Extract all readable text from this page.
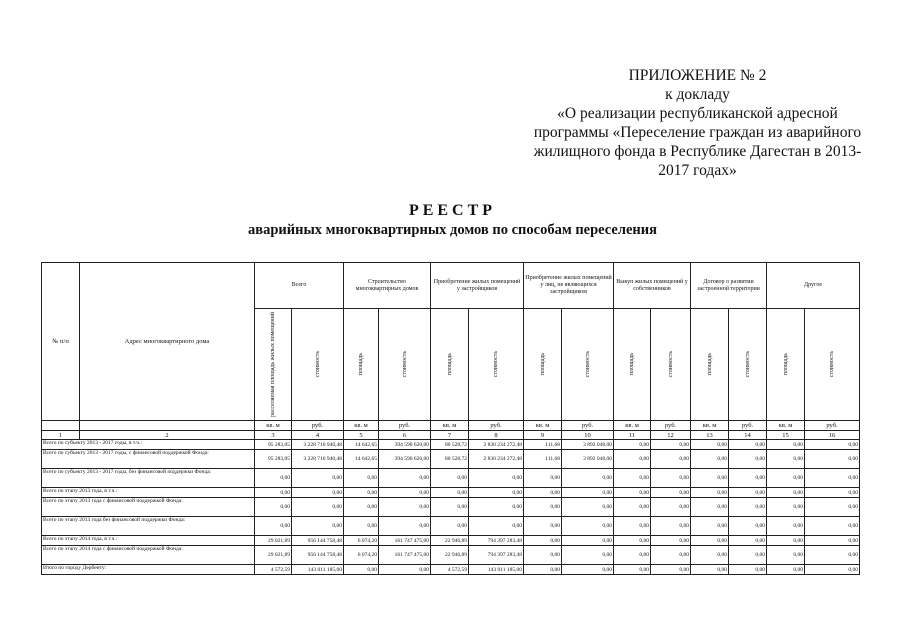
ПРИЛОЖЕНИЕ № 2
к докладу
«О реализации республиканской адресной
программы «Переселение граждан из аварийного
жилищного фонда в Республике Дагестан в 2013-
2017 годах»
РЕЕСТР
аварийных многоквартирных домов по способам переселения
№ п/п	Адрес многоквартирного дома	Всего		Строительство многоквартирных домов		Приобретение жилых помещений у застройщиков		Приобретение жилых помещений у лиц, не являющихся застройщиком		Выкуп жилых помещений у собственников		Договор о развитии застроенной территории		Другое	

		расселяемая площадь жилых помещений	стоимость	площадь	стоимость	площадь	стоимость	площадь	стоимость	площадь	стоимость	площадь	стоимость	площадь	стоимость

		кв. м	руб.	кв. м	руб.	кв. м	руб.	кв. м	руб.	кв. м	руб.	кв. м	руб.	кв. м	руб.
1	2	3	4	5	6	7	8	9	10	11	12	13	14	15	16
Всего по субъекту 2013 - 2017 годы, в т.ч.:		95 283,05	3 228 716 940,48	14 642,65	394 590 620,00	80 528,72	2 830 234 272,48	111,68	3 892 048,00	0,00	0,00	0,00	0,00	0,00	0,00
Всего по субъекту 2013 - 2017 годы, с финансовой поддержкой Фонда:		95 283,05	3 228 716 940,48	14 642,65	394 590 620,00	80 528,72	2 830 234 272,48	111,68	3 892 048,00	0,00	0,00	0,00	0,00	0,00	0,00
Всего по субъекту 2013 - 2017 годы, без финансовой поддержки Фонда:		0,00	0,00	0,00	0,00	0,00	0,00	0,00	0,00	0,00	0,00	0,00	0,00	0,00	0,00
Всего по этапу 2013 года, в т.ч.:		0,00	0,00	0,00	0,00	0,00	0,00	0,00	0,00	0,00	0,00	0,00	0,00	0,00	0,00
Всего по этапу 2013 года с финансовой поддержкой Фонда:		0,00	0,00	0,00	0,00	0,00	0,00	0,00	0,00	0,00	0,00	0,00	0,00	0,00	0,00
Всего по этапу 2013 года без финансовой поддержки Фонда:		0,00	0,00	0,00	0,00	0,00	0,00	0,00	0,00	0,00	0,00	0,00	0,00	0,00	0,00
Всего по этапу 2014 года, в т.ч.:		29 021,89	956 144 758,48	6 074,20	161 747 475,00	22 946,89	794 397 283,48	0,00	0,00	0,00	0,00	0,00	0,00	0,00	0,00
Всего по этапу 2014 года с финансовой поддержкой Фонда:		29 021,89	956 144 758,48	6 074,20	161 747 475,00	22 946,89	794 397 283,48	0,00	0,00	0,00	0,00	0,00	0,00	0,00	0,00
Итого по городу Дербенту:		4 572,59	143 011 185,00	0,00	0,00	4 572,59	143 011 185,00	0,00	0,00	0,00	0,00	0,00	0,00	0,00	0,00
